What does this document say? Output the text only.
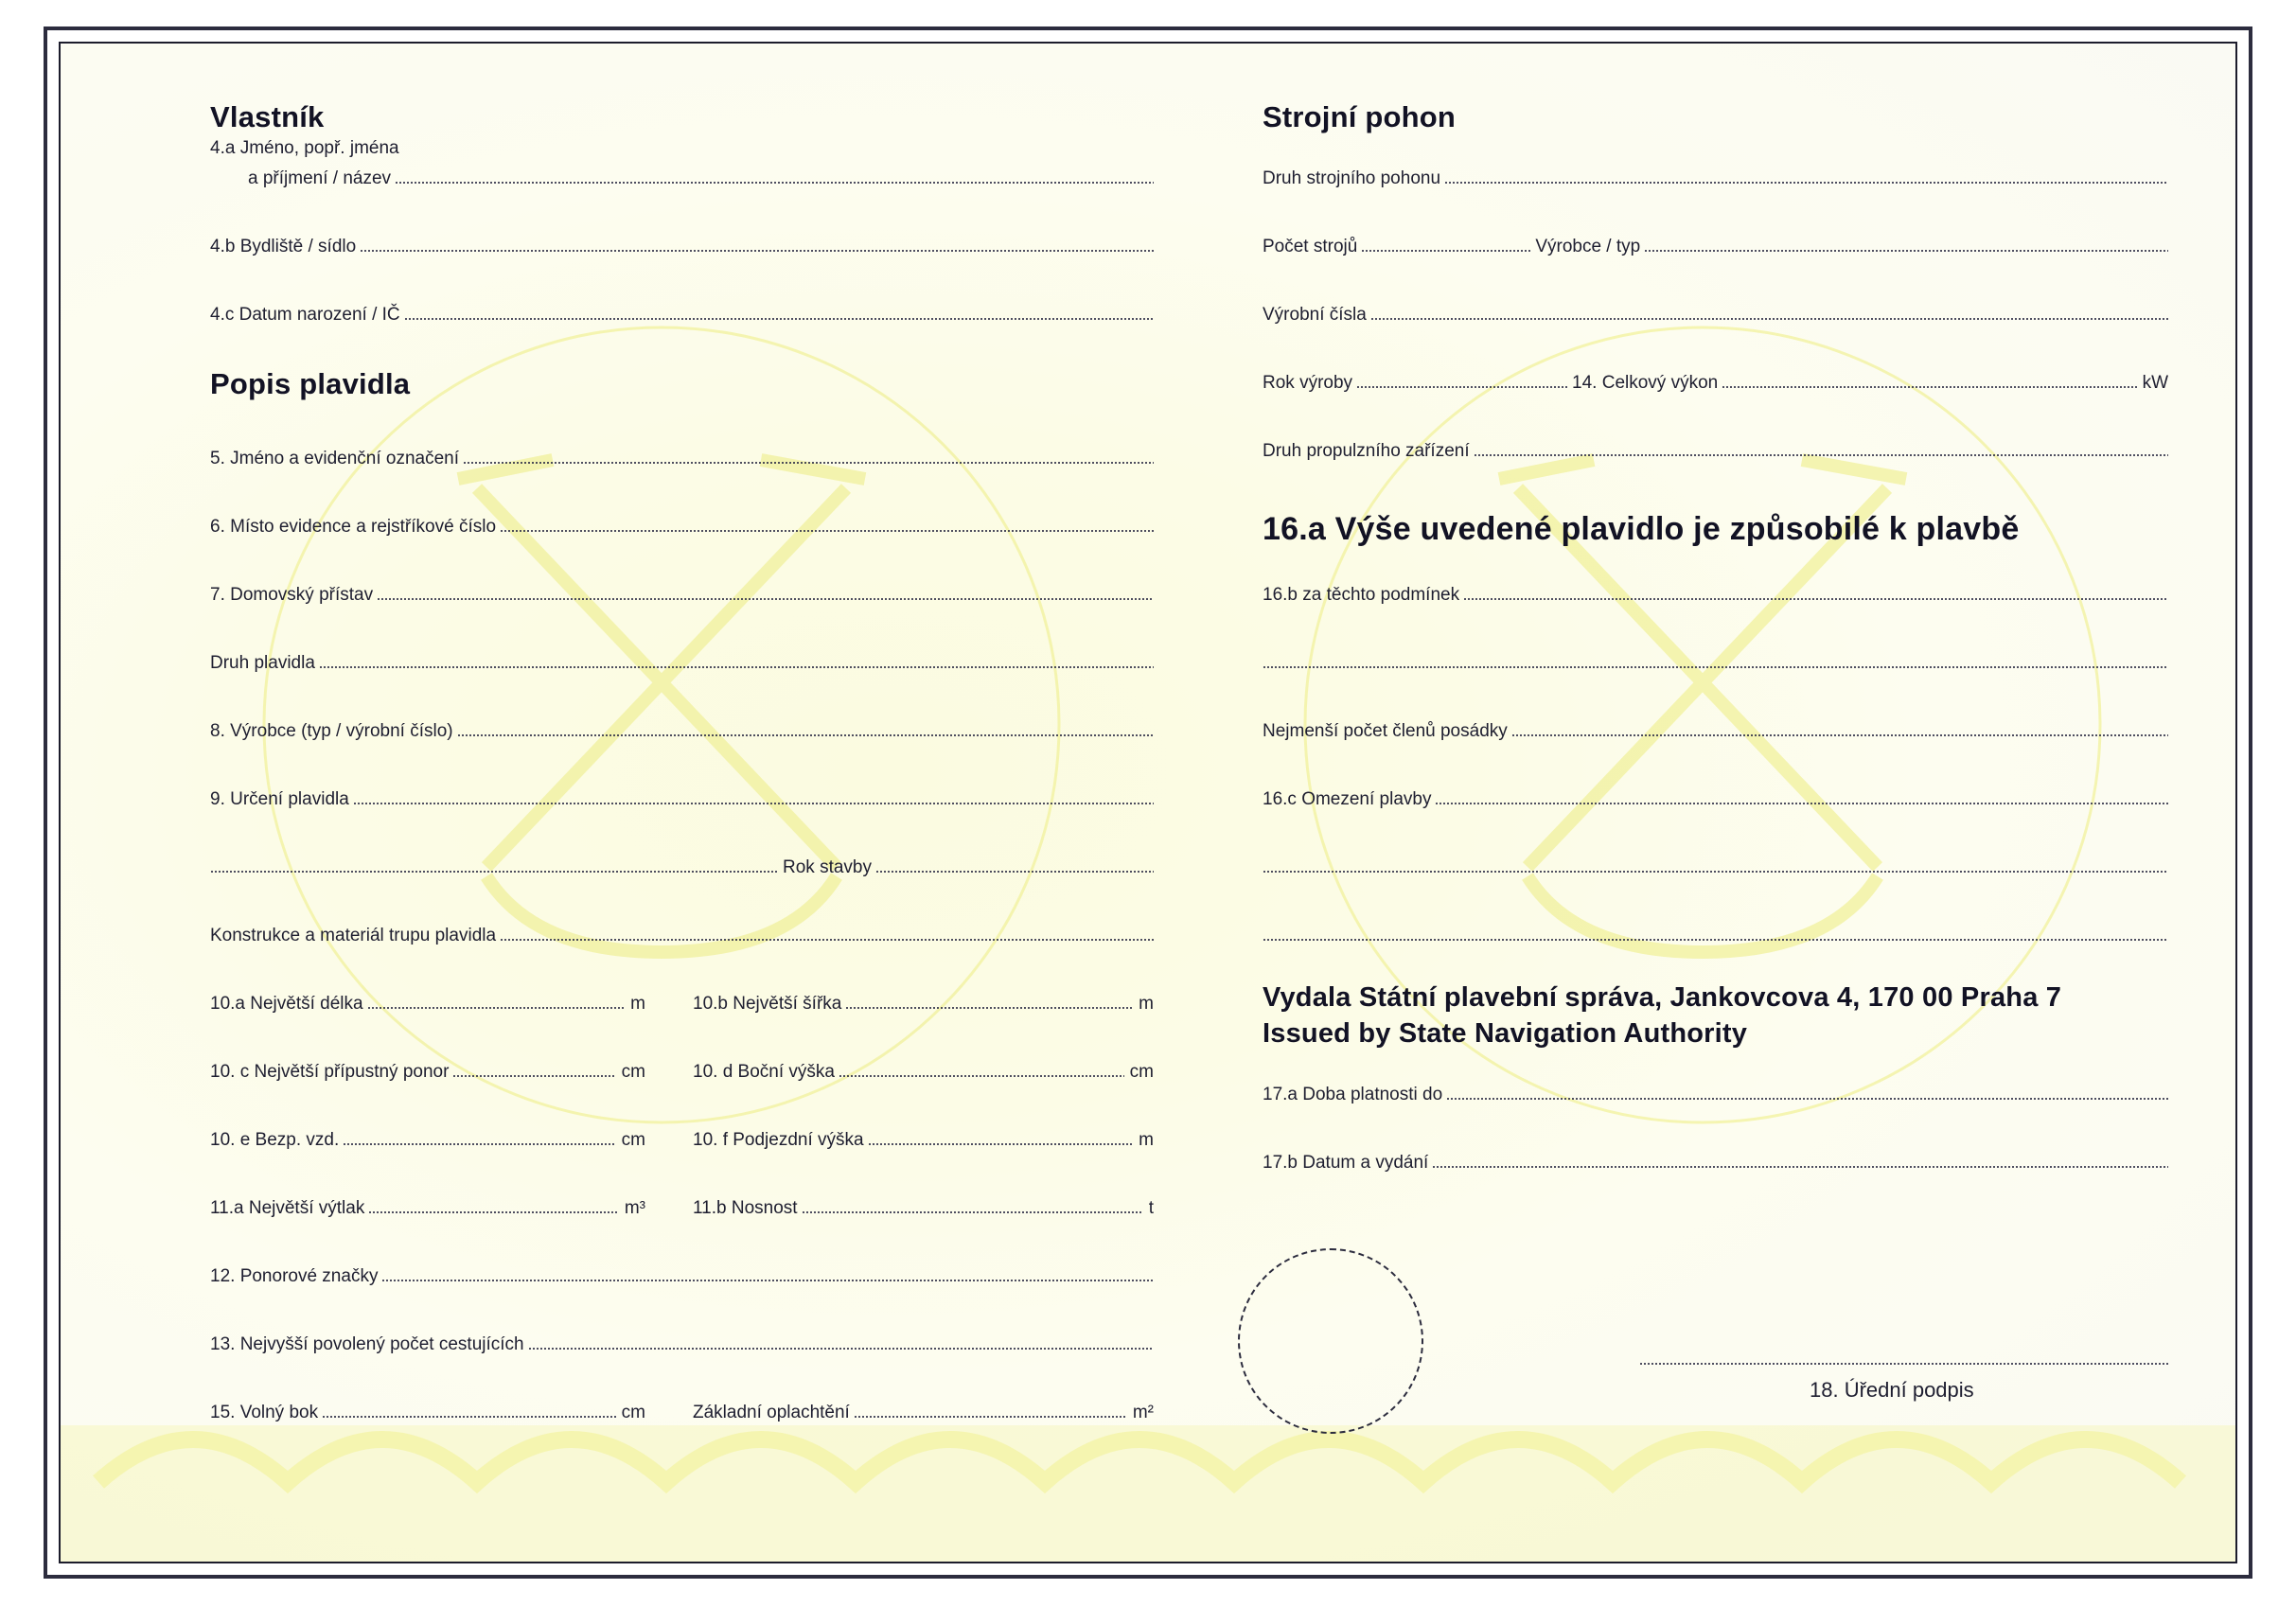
Vlastník
4.a Jméno, popř. jména
a příjmení / název
4.b Bydliště / sídlo
4.c Datum narození / IČ
Popis plavidla
5. Jméno a evidenční označení
6. Místo evidence a rejstříkové číslo
7. Domovský přístav
Druh plavidla
8. Výrobce (typ / výrobní číslo)
9. Určení plavidla
Rok stavby
Konstrukce a materiál trupu plavidla
10.a Největší délka	m	10.b Největší šířka	m
10. c Největší přípustný ponor	cm	10. d Boční výška	cm
10. e Bezp. vzd.	cm	10. f Podjezdní výška	m
11.a Největší výtlak	m³	11.b Nosnost	t
12. Ponorové značky
13. Nejvyšší povolený počet cestujících
15. Volný bok	cm	Základní oplachtění	m²
Strojní pohon
Druh strojního pohonu
Počet strojů	Výrobce / typ
Výrobní čísla
Rok výroby	14. Celkový výkon	kW
Druh propulzního zařízení
16.a Výše uvedené plavidlo je způsobilé k plavbě
16.b za těchto podmínek
Nejmenší počet členů posádky
16.c Omezení plavby
Vydala Státní plavební správa, Jankovcova 4, 170 00 Praha 7
Issued by State Navigation Authority
17.a Doba platnosti do
17.b Datum a vydání
18. Úřední podpis
